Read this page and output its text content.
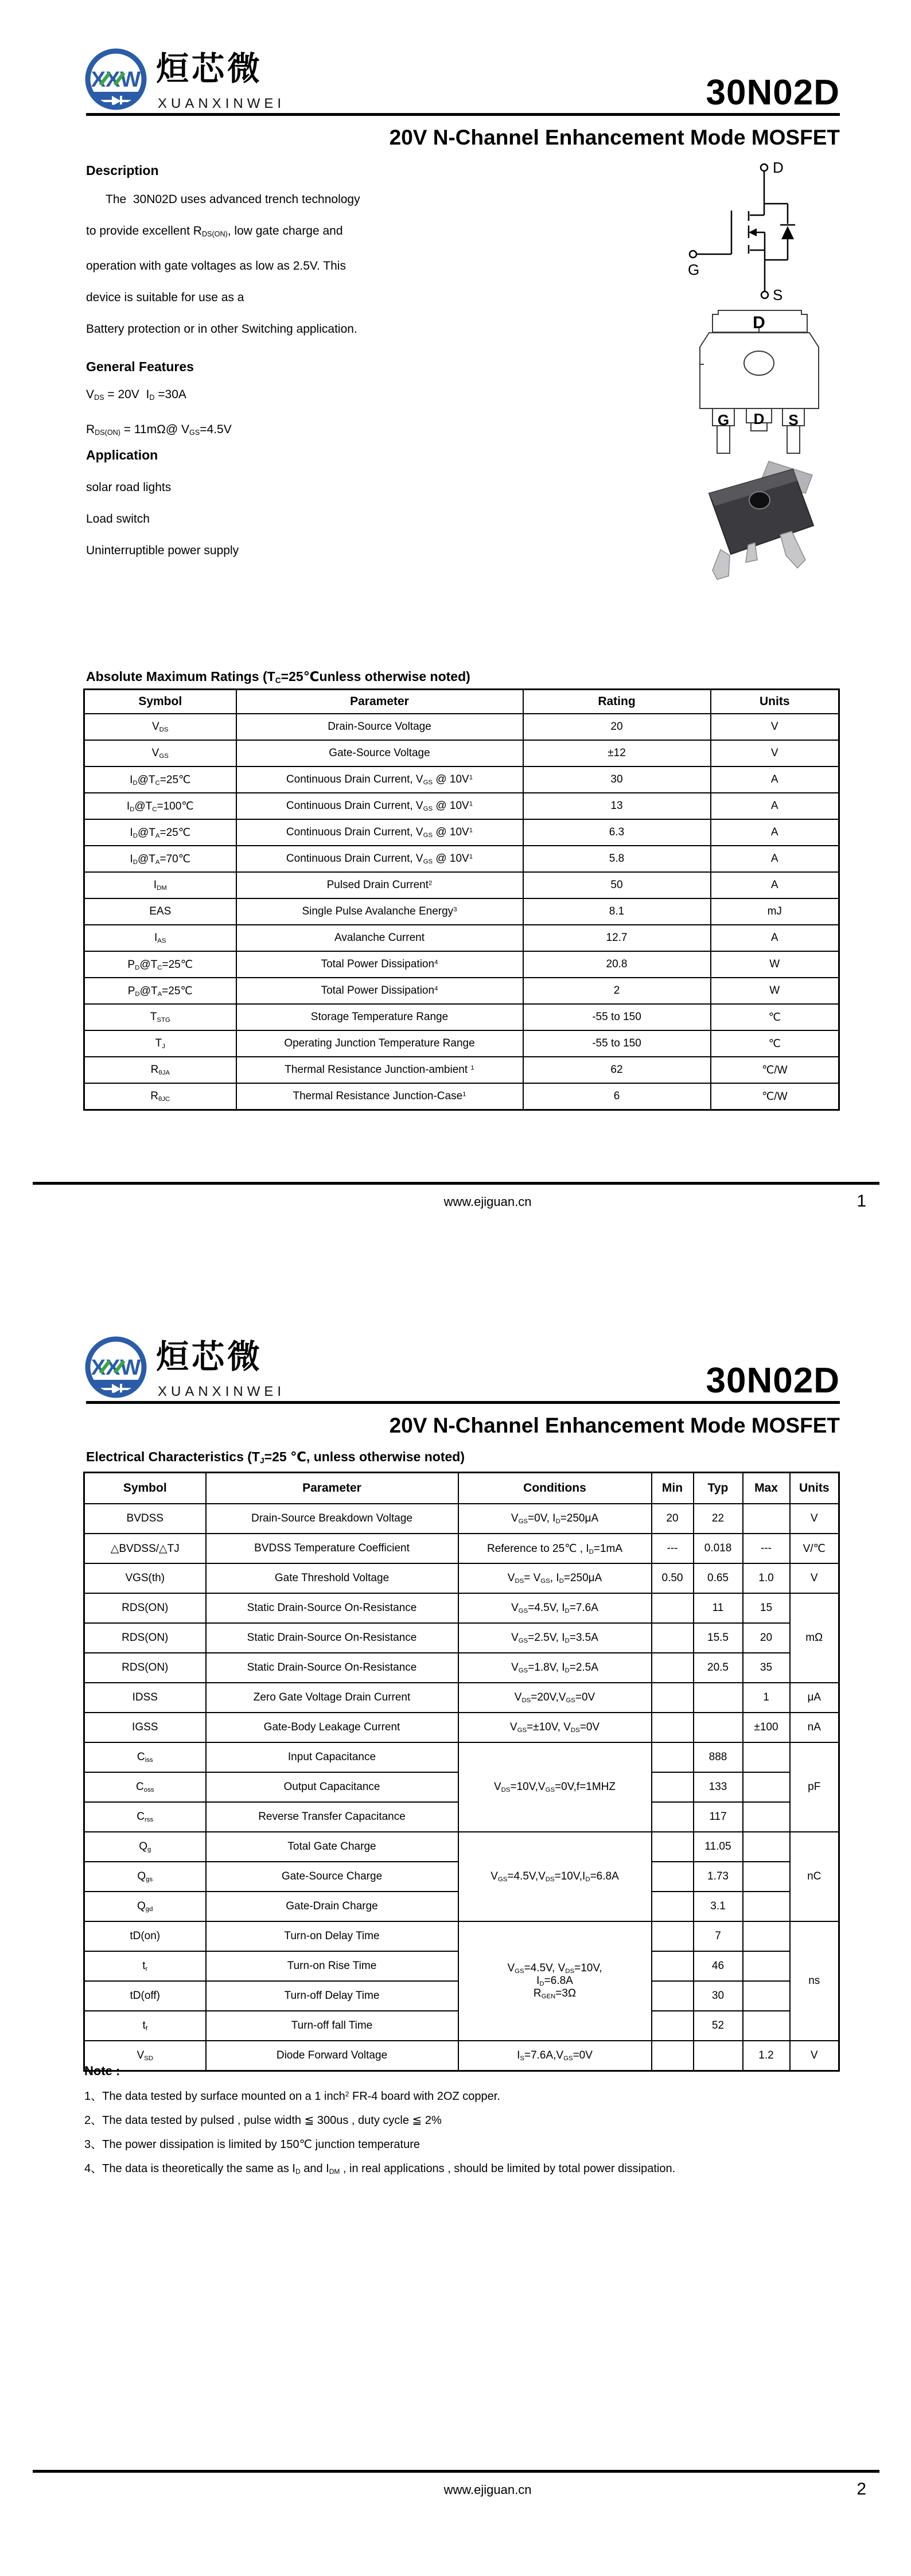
XXW 烜芯微
XUANXINWEI	30N02D
20V N-Channel Enhancement Mode MOSFET
Description
The  30N02D uses advanced trench technology
to provide excellent $R_{DS(ON)}$, low gate charge and
operation with gate voltages as low as 2.5V. This
device is suitable for use as a
Battery protection or in other Switching application.
General Features
$V_{DS} = 20V$  $I_D =30A$
$R_{DS(ON)}$ = 11mΩ@ $V_{GS}=4.5V$
Application
solar road lights
Load switch
Uninterruptible power supply
D
G
S
D
G D S
Absolute Maximum Ratings ($T_C=25℃unless$ otherwise noted)
Symbol	Parameter	Rating	Units
$V_{DS}$	Drain-Source Voltage	20	V
$V_{GS}$	Gate-Source Voltage	±12	V
$I_D@T_C=25℃$	Continuous Drain Current, $V_{GS}$ @ $10V^1$	30	A
$I_D@T_C=100℃$	Continuous Drain Current, $V_{GS}$ @ $10V^1$	13	A
$I_D@T_A=25℃$	Continuous Drain Current, $V_{GS}$ @ $10V^1$	6.3	A
$I_D@T_A=70℃$	Continuous Drain Current, $V_{GS}$ @ $10V^1$	5.8	A
$I_{DM}$	Pulsed Drain Current$^2$	50	A
EAS	Single Pulse Avalanche Energy$^3$	8.1	mJ
$I_{AS}$	Avalanche Current	12.7	A
$P_D@T_C=25℃$	Total Power Dissipation$^4$	20.8	W
$P_D@T_A=25℃$	Total Power Dissipation$^4$	2	W
$T_{STG}$	Storage Temperature Range	-55 to 150	℃
$T_J$	Operating Junction Temperature Range	-55 to 150	℃
$R_{\theta JA}$	Thermal Resistance Junction-ambient $^1$	62	℃/W
$R_{\theta JC}$	Thermal Resistance Junction-Case$^1$	6	℃/W
www.ejiguan.cn	1
XXW 烜芯微
XUANXINWEI	30N02D
20V N-Channel Enhancement Mode MOSFET
Electrical Characteristics ($T_J=25$ ℃, unless otherwise noted)
Symbol	Parameter	Conditions	Min	Typ	Max	Units
BVDSS	Drain-Source Breakdown Voltage	$V_{GS}=0V$, $I_D=250\mu A$	20	22		V
△BVDSS/△TJ	BVDSS Temperature Coefficient	Reference to 25℃ , $I_D=1mA$	---	0.018	---	V/℃
VGS(th)	Gate Threshold Voltage	$V_{DS}= V_{GS}$, $I_D=250\mu A$	0.50	0.65	1.0	V
RDS(ON)	Static Drain-Source On-Resistance	$V_{GS}=4.5V$, $I_D=7.6A$		11	15	mΩ
RDS(ON)	Static Drain-Source On-Resistance	$V_{GS}=2.5V$, $I_D=3.5A$		15.5	20	
RDS(ON)	Static Drain-Source On-Resistance	$V_{GS}=1.8V$, $I_D=2.5A$		20.5	35	
IDSS	Zero Gate Voltage Drain Current	$V_{DS}=20V,V_{GS}=0V$			1	μA
IGSS	Gate-Body Leakage Current	$V_{GS}=\pm 10V$, $V_{DS}=0V$			±100	nA
$C_{iss}$	Input Capacitance	$V_{DS}=10V,V_{GS}=0V,f=1MHZ$		888		pF
$C_{oss}$	Output Capacitance			133		
$C_{rss}$	Reverse Transfer Capacitance			117		
$Q_g$	Total Gate Charge	$V_{GS}=4.5V,V_{DS}=10V,I_D=6.8A$		11.05		nC
$Q_{gs}$	Gate-Source Charge			1.73		
$Q_{gd}$	Gate-Drain Charge			3.1		
tD(on)	Turn-on Delay Time	$V_{GS}=4.5V$, $V_{DS}=10V$,
$I_D=6.8A$
$R_{GEN}=3\Omega$		7		ns
$t_r$	Turn-on Rise Time			46		
tD(off)	Turn-off Delay Time			30		
$t_f$	Turn-off fall Time			52		
$V_{SD}$	Diode Forward Voltage	$I_S=7.6A,V_{GS}=0V$			1.2	V
Note :
1、The data tested by surface mounted on a 1 inch$^2$ FR-4 board with 2OZ copper.
2、The data tested by pulsed , pulse width ≦ 300us , duty cycle ≦ 2%
3、The power dissipation is limited by 150℃ junction temperature
4、The data is theoretically the same as $I_D$ and $I_{DM}$ , in real applications , should be limited by total power dissipation.
www.ejiguan.cn	2
